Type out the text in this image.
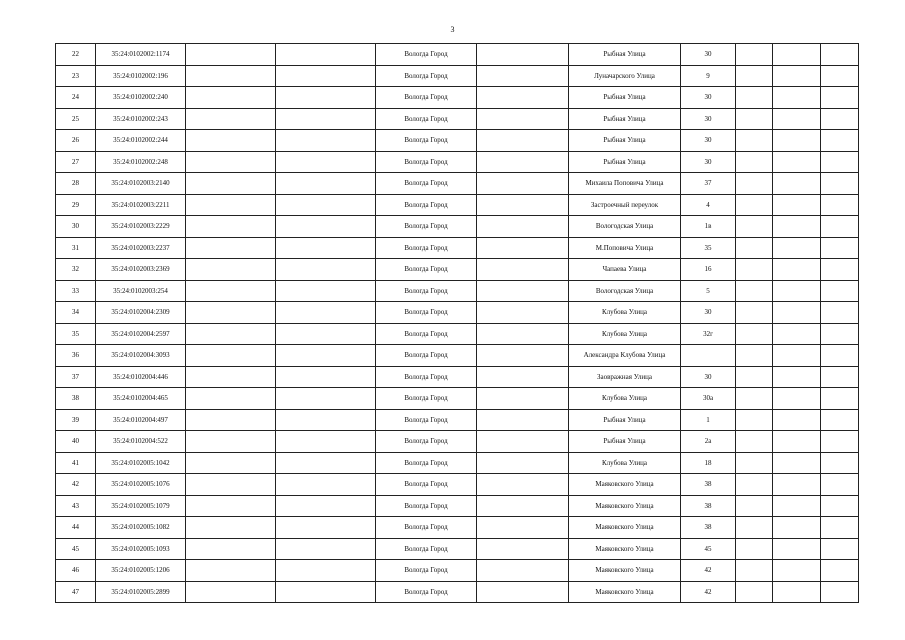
3
22	35:24:0102002:1174			Вологда Город		Рыбная Улица	30			
23	35:24:0102002:196			Вологда Город		Луначарского Улица	9			
24	35:24:0102002:240			Вологда Город		Рыбная Улица	30			
25	35:24:0102002:243			Вологда Город		Рыбная Улица	30			
26	35:24:0102002:244			Вологда Город		Рыбная Улица	30			
27	35:24:0102002:248			Вологда Город		Рыбная Улица	30			
28	35:24:0102003:2140			Вологда Город		Михаила Поповича Улица	37			
29	35:24:0102003:2211			Вологда Город		Застроечный переулок	4			
30	35:24:0102003:2229			Вологда Город		Вологодская Улица	1в			
31	35:24:0102003:2237			Вологда Город		М.Поповича Улица	35			
32	35:24:0102003:2369			Вологда Город		Чапаева Улица	16			
33	35:24:0102003:254			Вологда Город		Вологодская Улица	5			
34	35:24:0102004:2309			Вологда Город		Клубова Улица	30			
35	35:24:0102004:2597			Вологда Город		Клубова Улица	32г			
36	35:24:0102004:3093			Вологда Город		Александра Клубова Улица				
37	35:24:0102004:446			Вологда Город		Заовражная Улица	30			
38	35:24:0102004:465			Вологда Город		Клубова Улица	30а			
39	35:24:0102004:497			Вологда Город		Рыбная Улица	1			
40	35:24:0102004:522			Вологда Город		Рыбная Улица	2а			
41	35:24:0102005:1042			Вологда Город		Клубова Улица	18			
42	35:24:0102005:1076			Вологда Город		Маяковского Улица	38			
43	35:24:0102005:1079			Вологда Город		Маяковского Улица	38			
44	35:24:0102005:1082			Вологда Город		Маяковского Улица	38			
45	35:24:0102005:1093			Вологда Город		Маяковского Улица	45			
46	35:24:0102005:1206			Вологда Город		Маяковского Улица	42			
47	35:24:0102005:2899			Вологда Город		Маяковского Улица	42			
